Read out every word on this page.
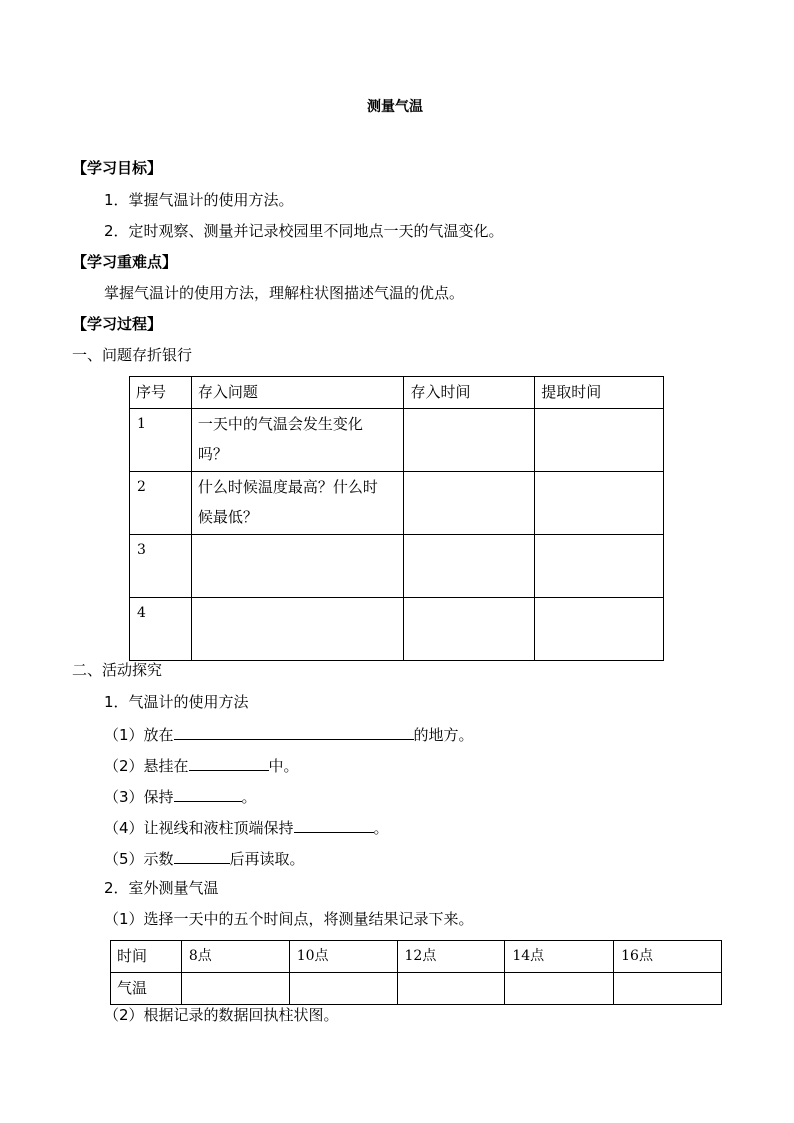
测量气温
【学习目标】
1．掌握气温计的使用方法。
2．定时观察、测量并记录校园里不同地点一天的气温变化。
【学习重难点】
掌握气温计的使用方法，理解柱状图描述气温的优点。
【学习过程】
一、问题存折银行
序号	存入问题	存入时间	提取时间
1	一天中的气温会发生变化
吗？		

2	什么时候温度最高？什么时
候最低？		

3			
4			
二、活动探究
1．气温计的使用方法
（1）放在	的地方。
（2）悬挂在	中。
（3）保持	。
（4）让视线和液柱顶端保持	。
（5）示数	后再读取。
2．室外测量气温
（1）选择一天中的五个时间点，将测量结果记录下来。
时间	8点	10点	12点	14点	16点
气温					
（2）根据记录的数据回执柱状图。
